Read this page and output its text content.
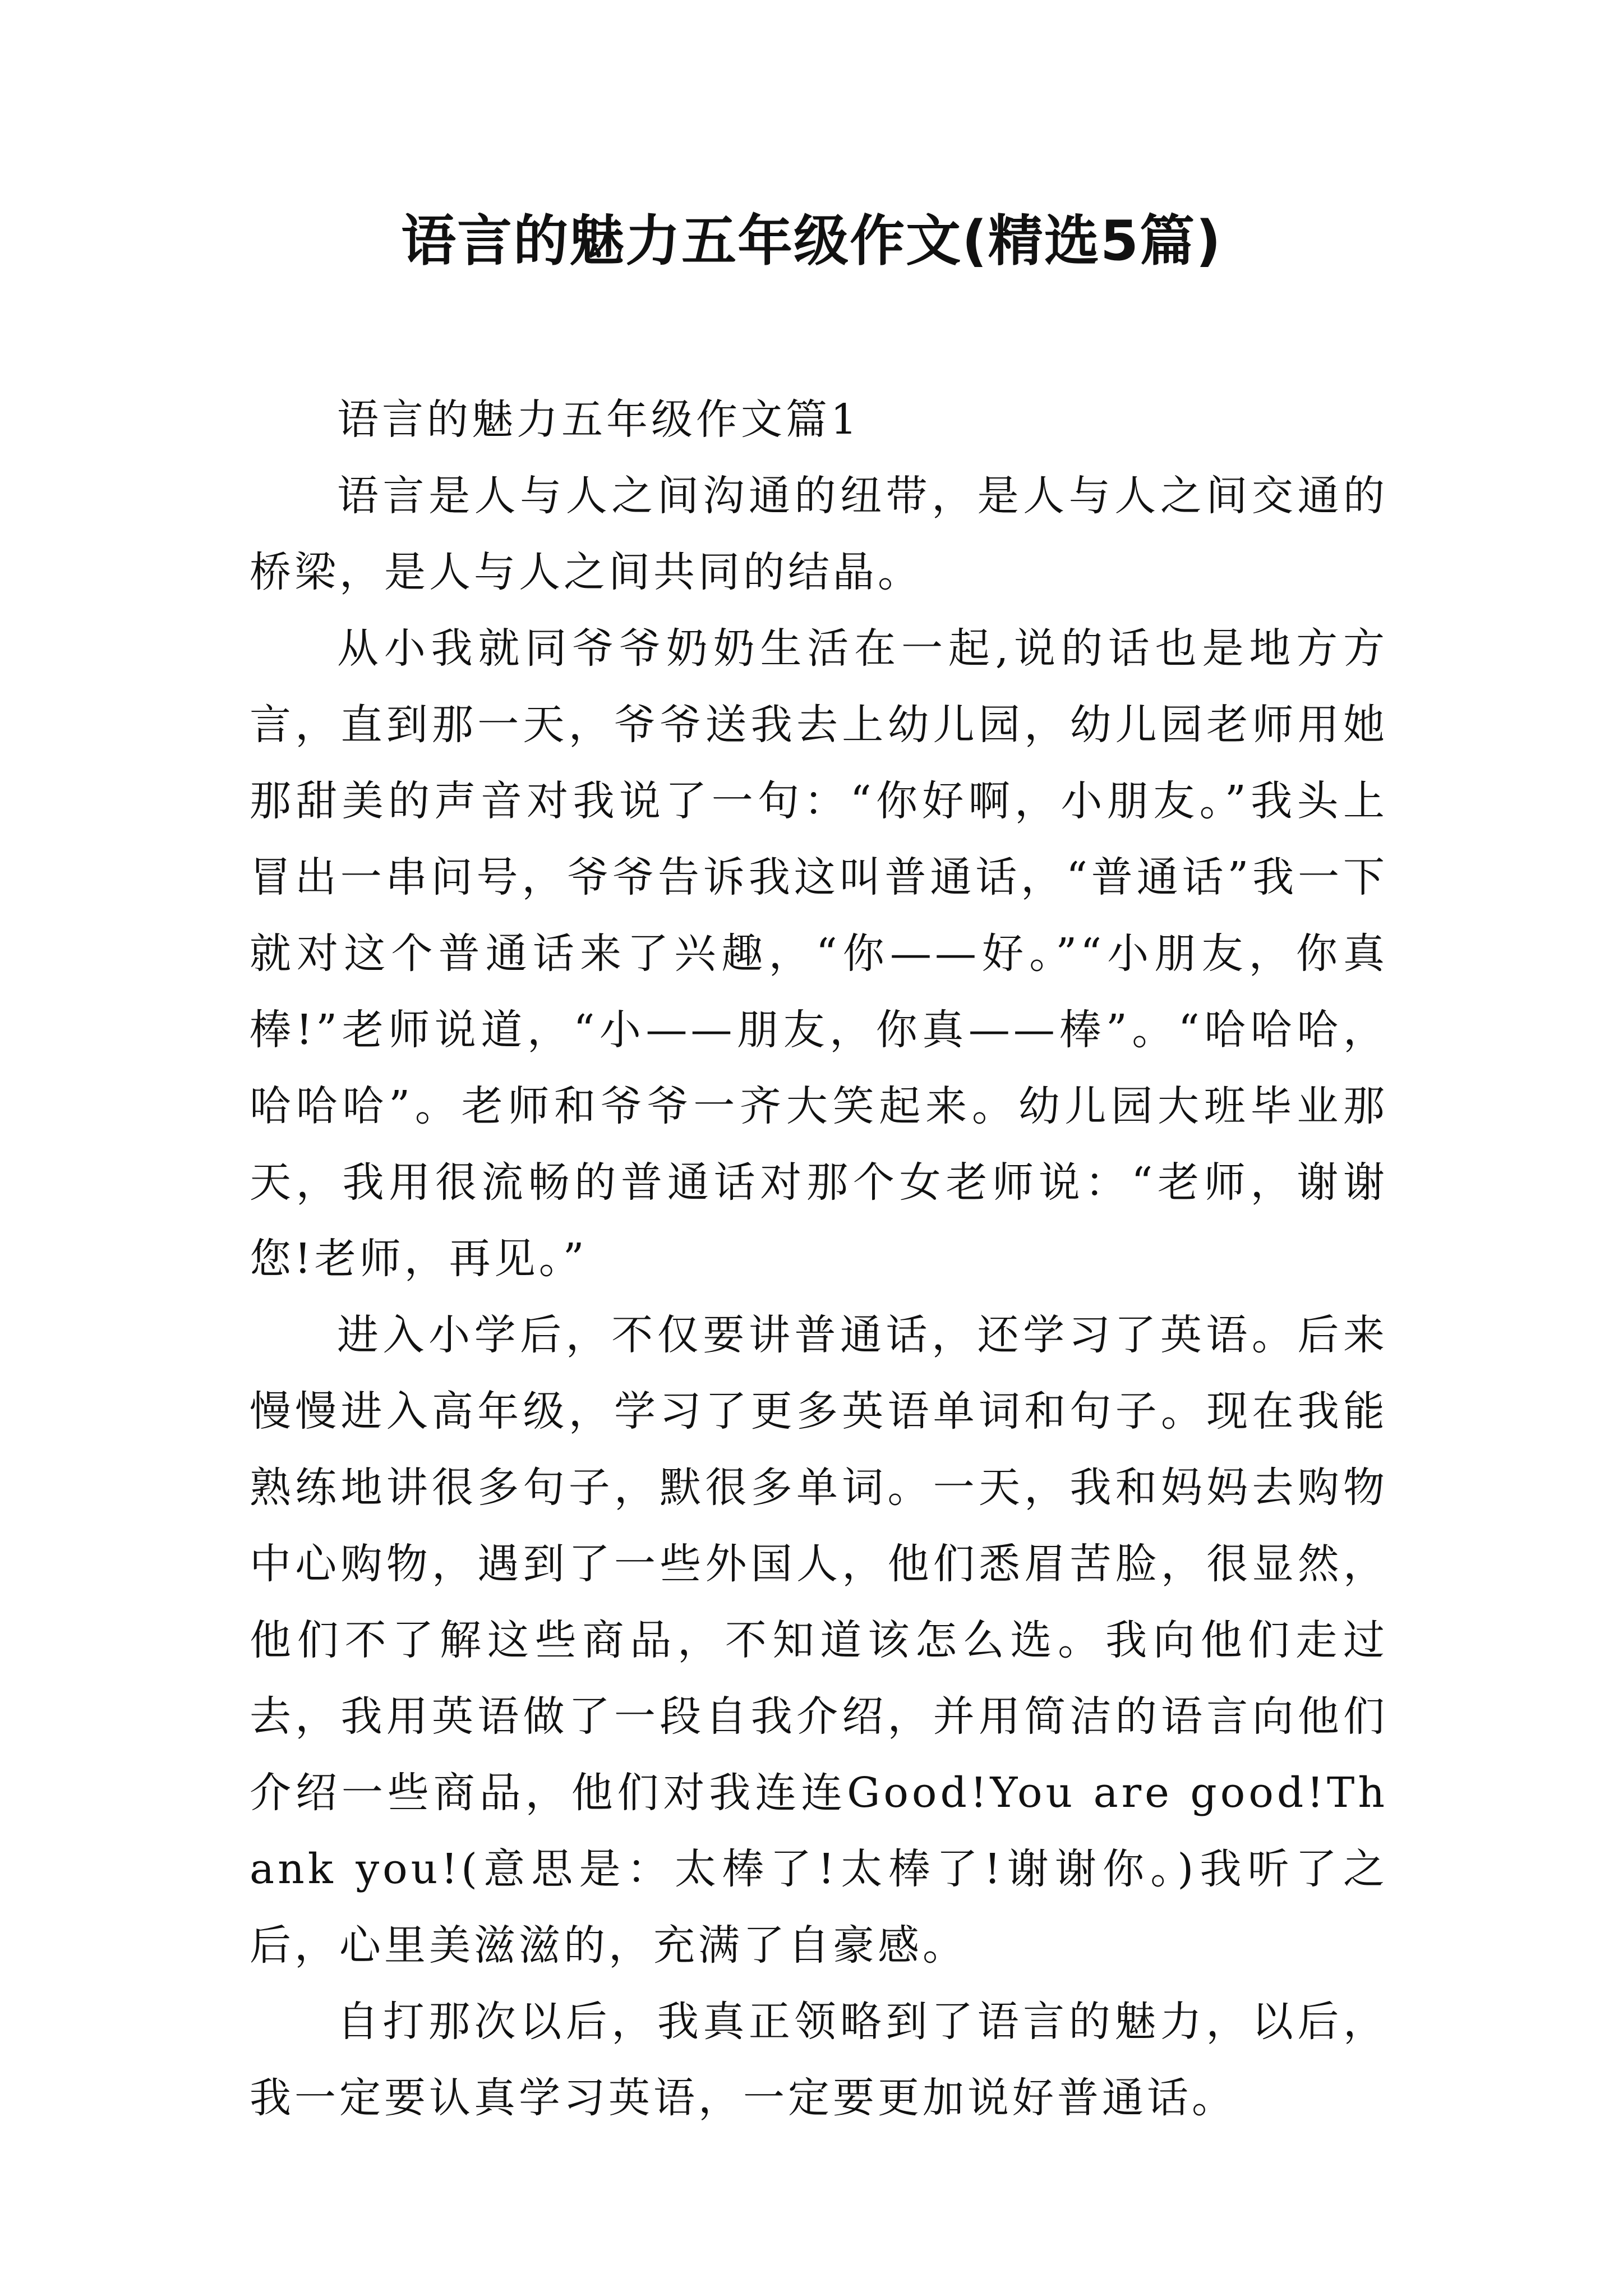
语言的魅力五年级作文(精选5篇)

语言的魅力五年级作文篇1

语言是人与人之间沟通的纽带，是人与人之间交通的桥梁，是人与人之间共同的结晶。

从小我就同爷爷奶奶生活在一起,说的话也是地方方言，直到那一天，爷爷送我去上幼儿园，幼儿园老师用她那甜美的声音对我说了一句：“你好啊，小朋友。”我头上冒出一串问号，爷爷告诉我这叫普通话，“普通话”我一下就对这个普通话来了兴趣，“你——好。”“小朋友，你真棒!”老师说道，“小——朋友，你真——棒”。“哈哈哈，哈哈哈”。老师和爷爷一齐大笑起来。幼儿园大班毕业那天，我用很流畅的普通话对那个女老师说：“老师，谢谢您!老师，再见。”

进入小学后，不仅要讲普通话，还学习了英语。后来慢慢进入高年级，学习了更多英语单词和句子。现在我能熟练地讲很多句子，默很多单词。一天，我和妈妈去购物中心购物，遇到了一些外国人，他们悉眉苦脸，很显然，他们不了解这些商品，不知道该怎么选。我向他们走过去，我用英语做了一段自我介绍，并用简洁的语言向他们介绍一些商品，他们对我连连Good!You are good!Thank you!(意思是：太棒了!太棒了!谢谢你。)我听了之后，心里美滋滋的，充满了自豪感。

自打那次以后，我真正领略到了语言的魅力，以后，我一定要认真学习英语，一定要更加说好普通话。
